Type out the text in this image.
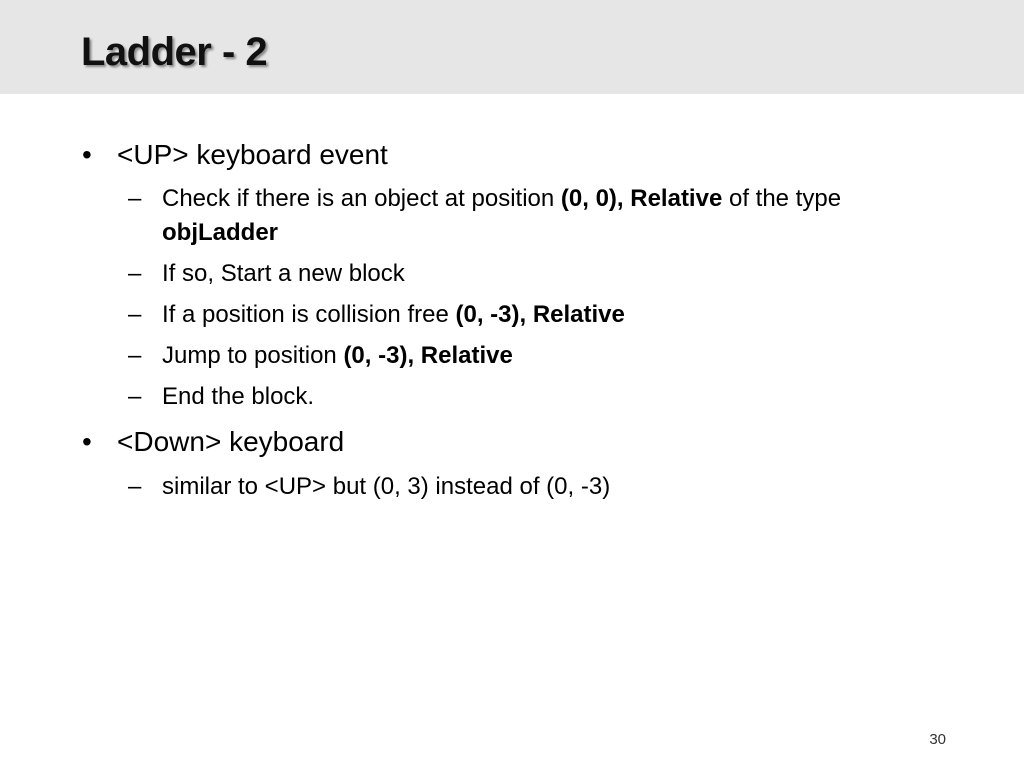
Ladder - 2
• <UP> keyboard event
– Check if there is an object at position (0, 0), Relative of the type objLadder
– If so, Start a new block
– If a position is collision free (0, -3), Relative
– Jump to position (0, -3), Relative
– End the block.
• <Down> keyboard
– similar to <UP> but (0, 3) instead of (0, -3)
30
